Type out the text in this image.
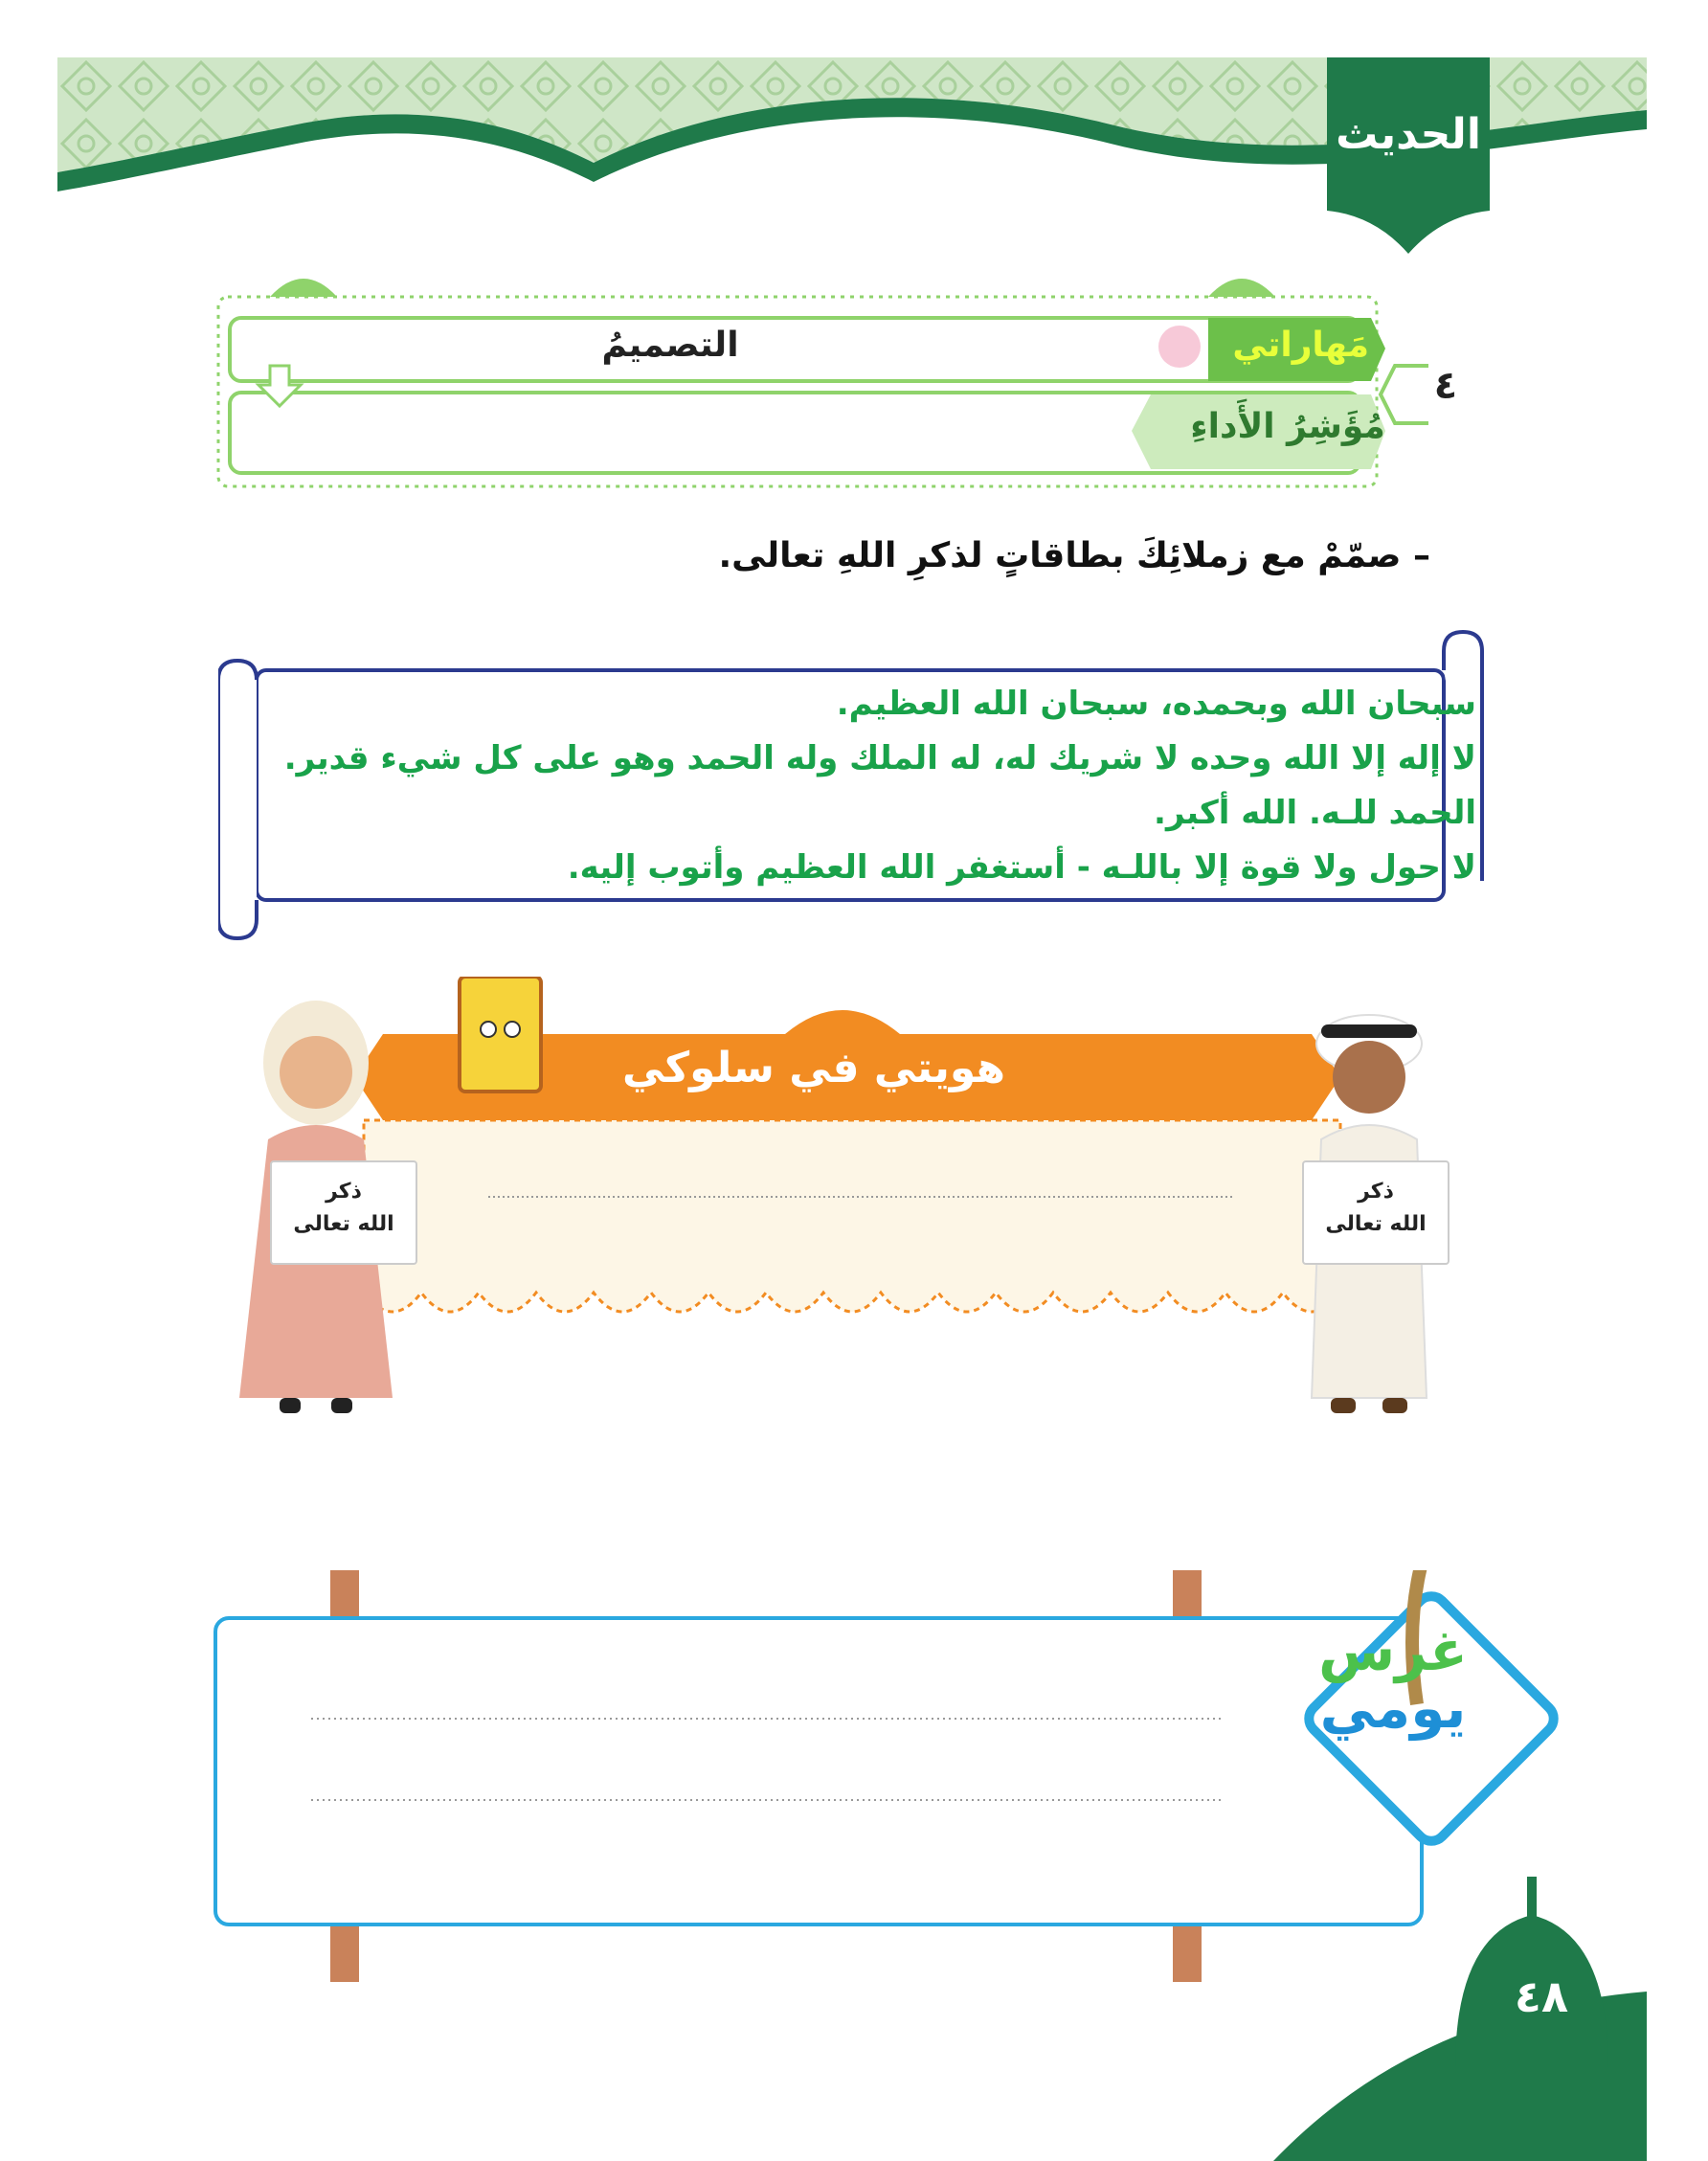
الحديث
٤
مَهاراتي
التصميمُ
مُؤَشِرُ الأَداءِ
– صمّمْ مع زملائِكَ بطاقاتٍ لذكرِ اللهِ تعالى.
سبحان الله وبحمده، سبحان الله العظيم.
لا إله إلا الله وحده لا شريك له، له الملك وله الحمد وهو على كل شيء قدير.
الحمد للـه. الله أكبر.
لا حول ولا قوة إلا باللـه - أستغفر الله العظيم وأتوب إليه.
هويتي في سلوكي
ذكر
الله تعالى
ذكر
الله تعالى
غرس
يومي
٤٨
